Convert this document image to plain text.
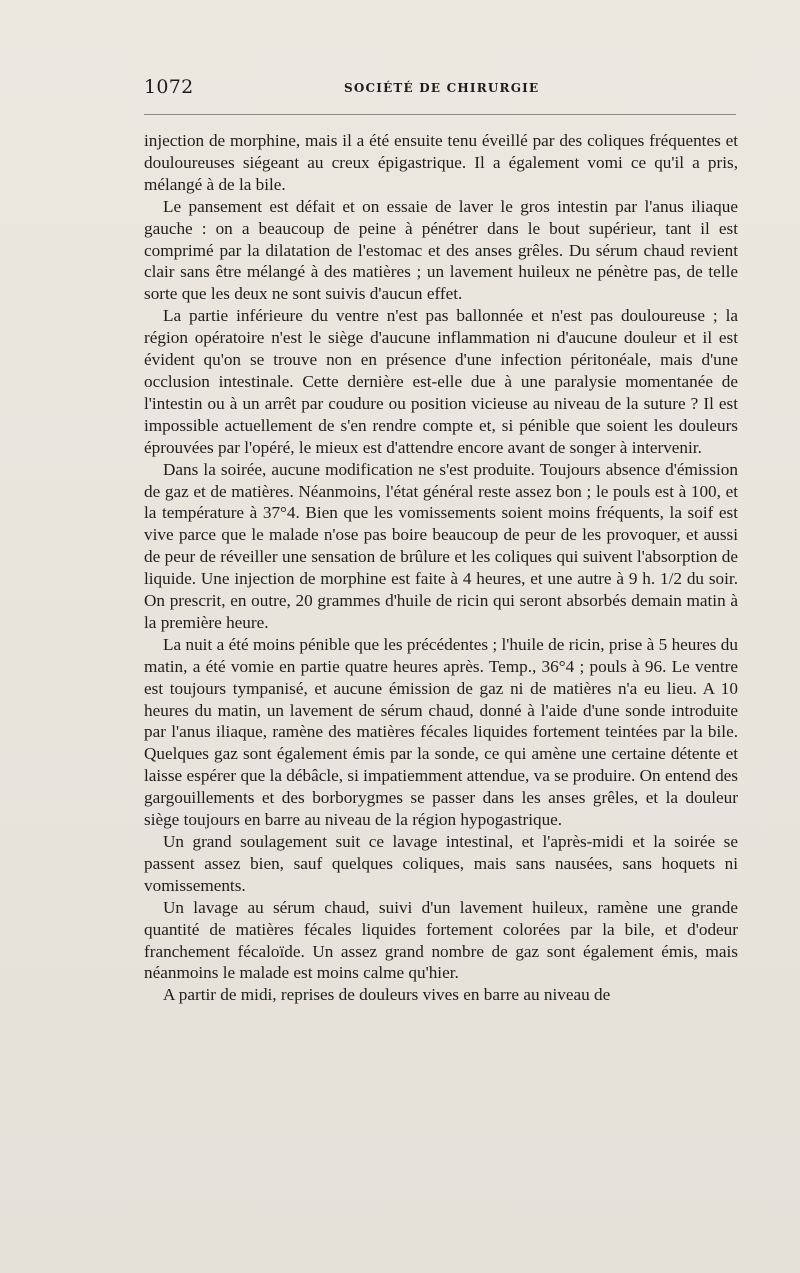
1072	SOCIÉTÉ DE CHIRURGIE

injection de morphine, mais il a été ensuite tenu éveillé par des coliques fréquentes et douloureuses siégeant au creux épigastrique. Il a également vomi ce qu'il a pris, mélangé à de la bile.

Le pansement est défait et on essaie de laver le gros intestin par l'anus iliaque gauche : on a beaucoup de peine à pénétrer dans le bout supérieur, tant il est comprimé par la dilatation de l'estomac et des anses grêles. Du sérum chaud revient clair sans être mélangé à des matières ; un lavement huileux ne pénètre pas, de telle sorte que les deux ne sont suivis d'aucun effet.

La partie inférieure du ventre n'est pas ballonnée et n'est pas douloureuse ; la région opératoire n'est le siège d'aucune inflammation ni d'aucune douleur et il est évident qu'on se trouve non en présence d'une infection péritonéale, mais d'une occlusion intestinale. Cette dernière est-elle due à une paralysie momentanée de l'intestin ou à un arrêt par coudure ou position vicieuse au niveau de la suture ? Il est impossible actuellement de s'en rendre compte et, si pénible que soient les douleurs éprouvées par l'opéré, le mieux est d'attendre encore avant de songer à intervenir.

Dans la soirée, aucune modification ne s'est produite. Toujours absence d'émission de gaz et de matières. Néanmoins, l'état général reste assez bon ; le pouls est à 100, et la température à 37°4. Bien que les vomissements soient moins fréquents, la soif est vive parce que le malade n'ose pas boire beaucoup de peur de les provoquer, et aussi de peur de réveiller une sensation de brûlure et les coliques qui suivent l'absorption de liquide. Une injection de morphine est faite à 4 heures, et une autre à 9 h. 1/2 du soir. On prescrit, en outre, 20 grammes d'huile de ricin qui seront absorbés demain matin à la première heure.

La nuit a été moins pénible que les précédentes ; l'huile de ricin, prise à 5 heures du matin, a été vomie en partie quatre heures après. Temp., 36°4 ; pouls à 96. Le ventre est toujours tympanisé, et aucune émission de gaz ni de matières n'a eu lieu. A 10 heures du matin, un lavement de sérum chaud, donné à l'aide d'une sonde introduite par l'anus iliaque, ramène des matières fécales liquides fortement teintées par la bile. Quelques gaz sont également émis par la sonde, ce qui amène une certaine détente et laisse espérer que la débâcle, si impatiemment attendue, va se produire. On entend des gargouillements et des borborygmes se passer dans les anses grêles, et la douleur siège toujours en barre au niveau de la région hypogastrique.

Un grand soulagement suit ce lavage intestinal, et l'après-midi et la soirée se passent assez bien, sauf quelques coliques, mais sans nausées, sans hoquets ni vomissements.

Un lavage au sérum chaud, suivi d'un lavement huileux, ramène une grande quantité de matières fécales liquides fortement colorées par la bile, et d'odeur franchement fécaloïde. Un assez grand nombre de gaz sont également émis, mais néanmoins le malade est moins calme qu'hier.

A partir de midi, reprises de douleurs vives en barre au niveau de
